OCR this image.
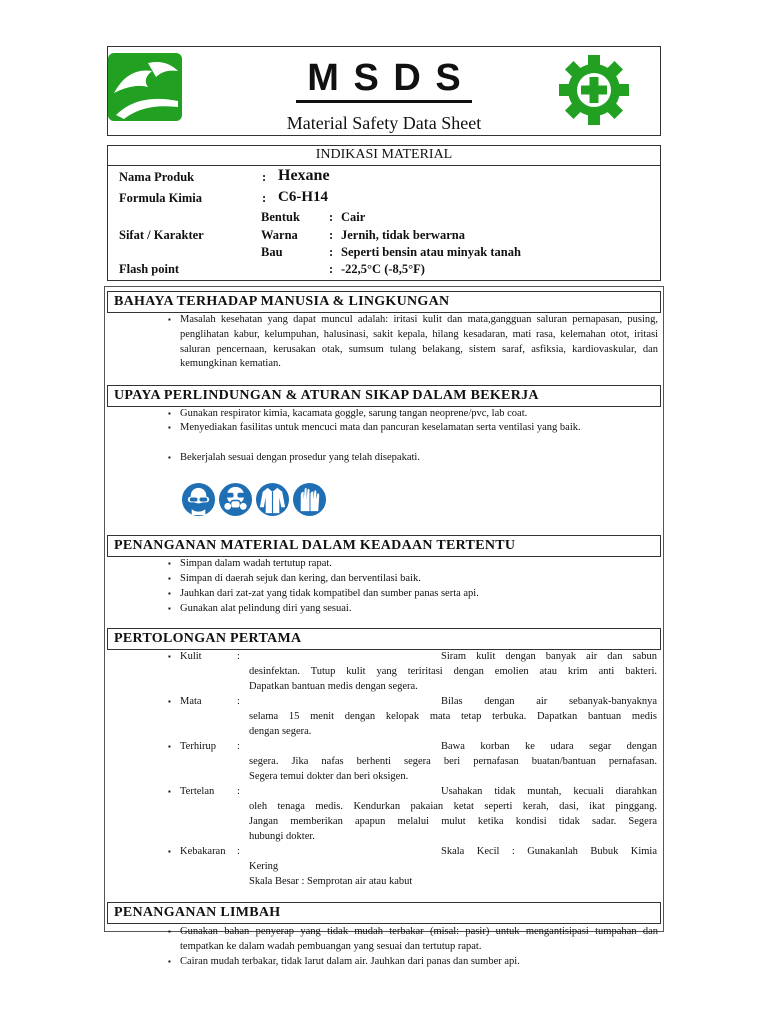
M S D S
Material Safety Data Sheet
INDIKASI MATERIAL
Nama Produk	: Hexane
Formula Kimia	: C6-H14
Bentuk : Cair
Sifat / Karakter	Warna : Jernih, tidak berwarna
Bau	: Seperti bensin atau minyak tanah
Flash point	: -22,5°C (-8,5°F)
BAHAYA TERHADAP MANUSIA & LINGKUNGAN
▪ Masalah kesehatan yang dapat muncul adalah: iritasi kulit dan mata,gangguan saluran pernapasan, pusing, penglihatan kabur, kelumpuhan, halusinasi, sakit kepala, hilang kesadaran, mati rasa, kelemahan otot, iritasi saluran pencernaan, kerusakan otak, sumsum tulang belakang, sistem saraf, asfiksia, kardiovaskular, dan kemungkinan kematian.
UPAYA PERLINDUNGAN & ATURAN SIKAP DALAM BEKERJA
▪ Gunakan respirator kimia, kacamata goggle, sarung tangan neoprene/pvc, lab coat.
▪ Menyediakan fasilitas untuk mencuci mata dan pancuran keselamatan serta ventilasi yang baik.
▪ Bekerjalah sesuai dengan prosedur yang telah disepakati.
PENANGANAN MATERIAL DALAM KEADAAN TERTENTU
▪ Simpan dalam wadah tertutup rapat.
▪ Simpan di daerah sejuk dan kering, dan berventilasi baik.
▪ Jauhkan dari zat-zat yang tidak kompatibel dan sumber panas serta api.
▪ Gunakan alat pelindung diri yang sesuai.
PERTOLONGAN PERTAMA
▪ Kulit	:	Siram kulit dengan banyak air dan sabun
desinfektan. Tutup kulit yang teriritasi dengan emolien atau krim anti bakteri.
Dapatkan bantuan medis dengan segera.
▪ Mata	:	Bilas dengan air sebanyak-banyaknya
selama 15 menit dengan kelopak mata tetap terbuka. Dapatkan bantuan medis
dengan segera.
▪ Terhirup :	Bawa korban ke udara segar dengan
segera. Jika nafas berhenti segera beri pernafasan buatan/bantuan pernafasan.
Segera temui dokter dan beri oksigen.
▪ Tertelan :	Usahakan tidak muntah, kecuali diarahkan
oleh tenaga medis. Kendurkan pakaian ketat seperti kerah, dasi, ikat pinggang.
Jangan memberikan apapun melalui mulut ketika kondisi tidak sadar. Segera
hubungi dokter.
▪ Kebakaran :	Skala Kecil : Gunakanlah Bubuk Kimia
Kering
Skala Besar : Semprotan air atau kabut
PENANGANAN LIMBAH
▪ Gunakan bahan penyerap yang tidak mudah terbakar (misal: pasir) untuk mengantisipasi tumpahan dan tempatkan ke dalam wadah pembuangan yang sesuai dan tertutup rapat.
▪ Cairan mudah terbakar, tidak larut dalam air. Jauhkan dari panas dan sumber api.
